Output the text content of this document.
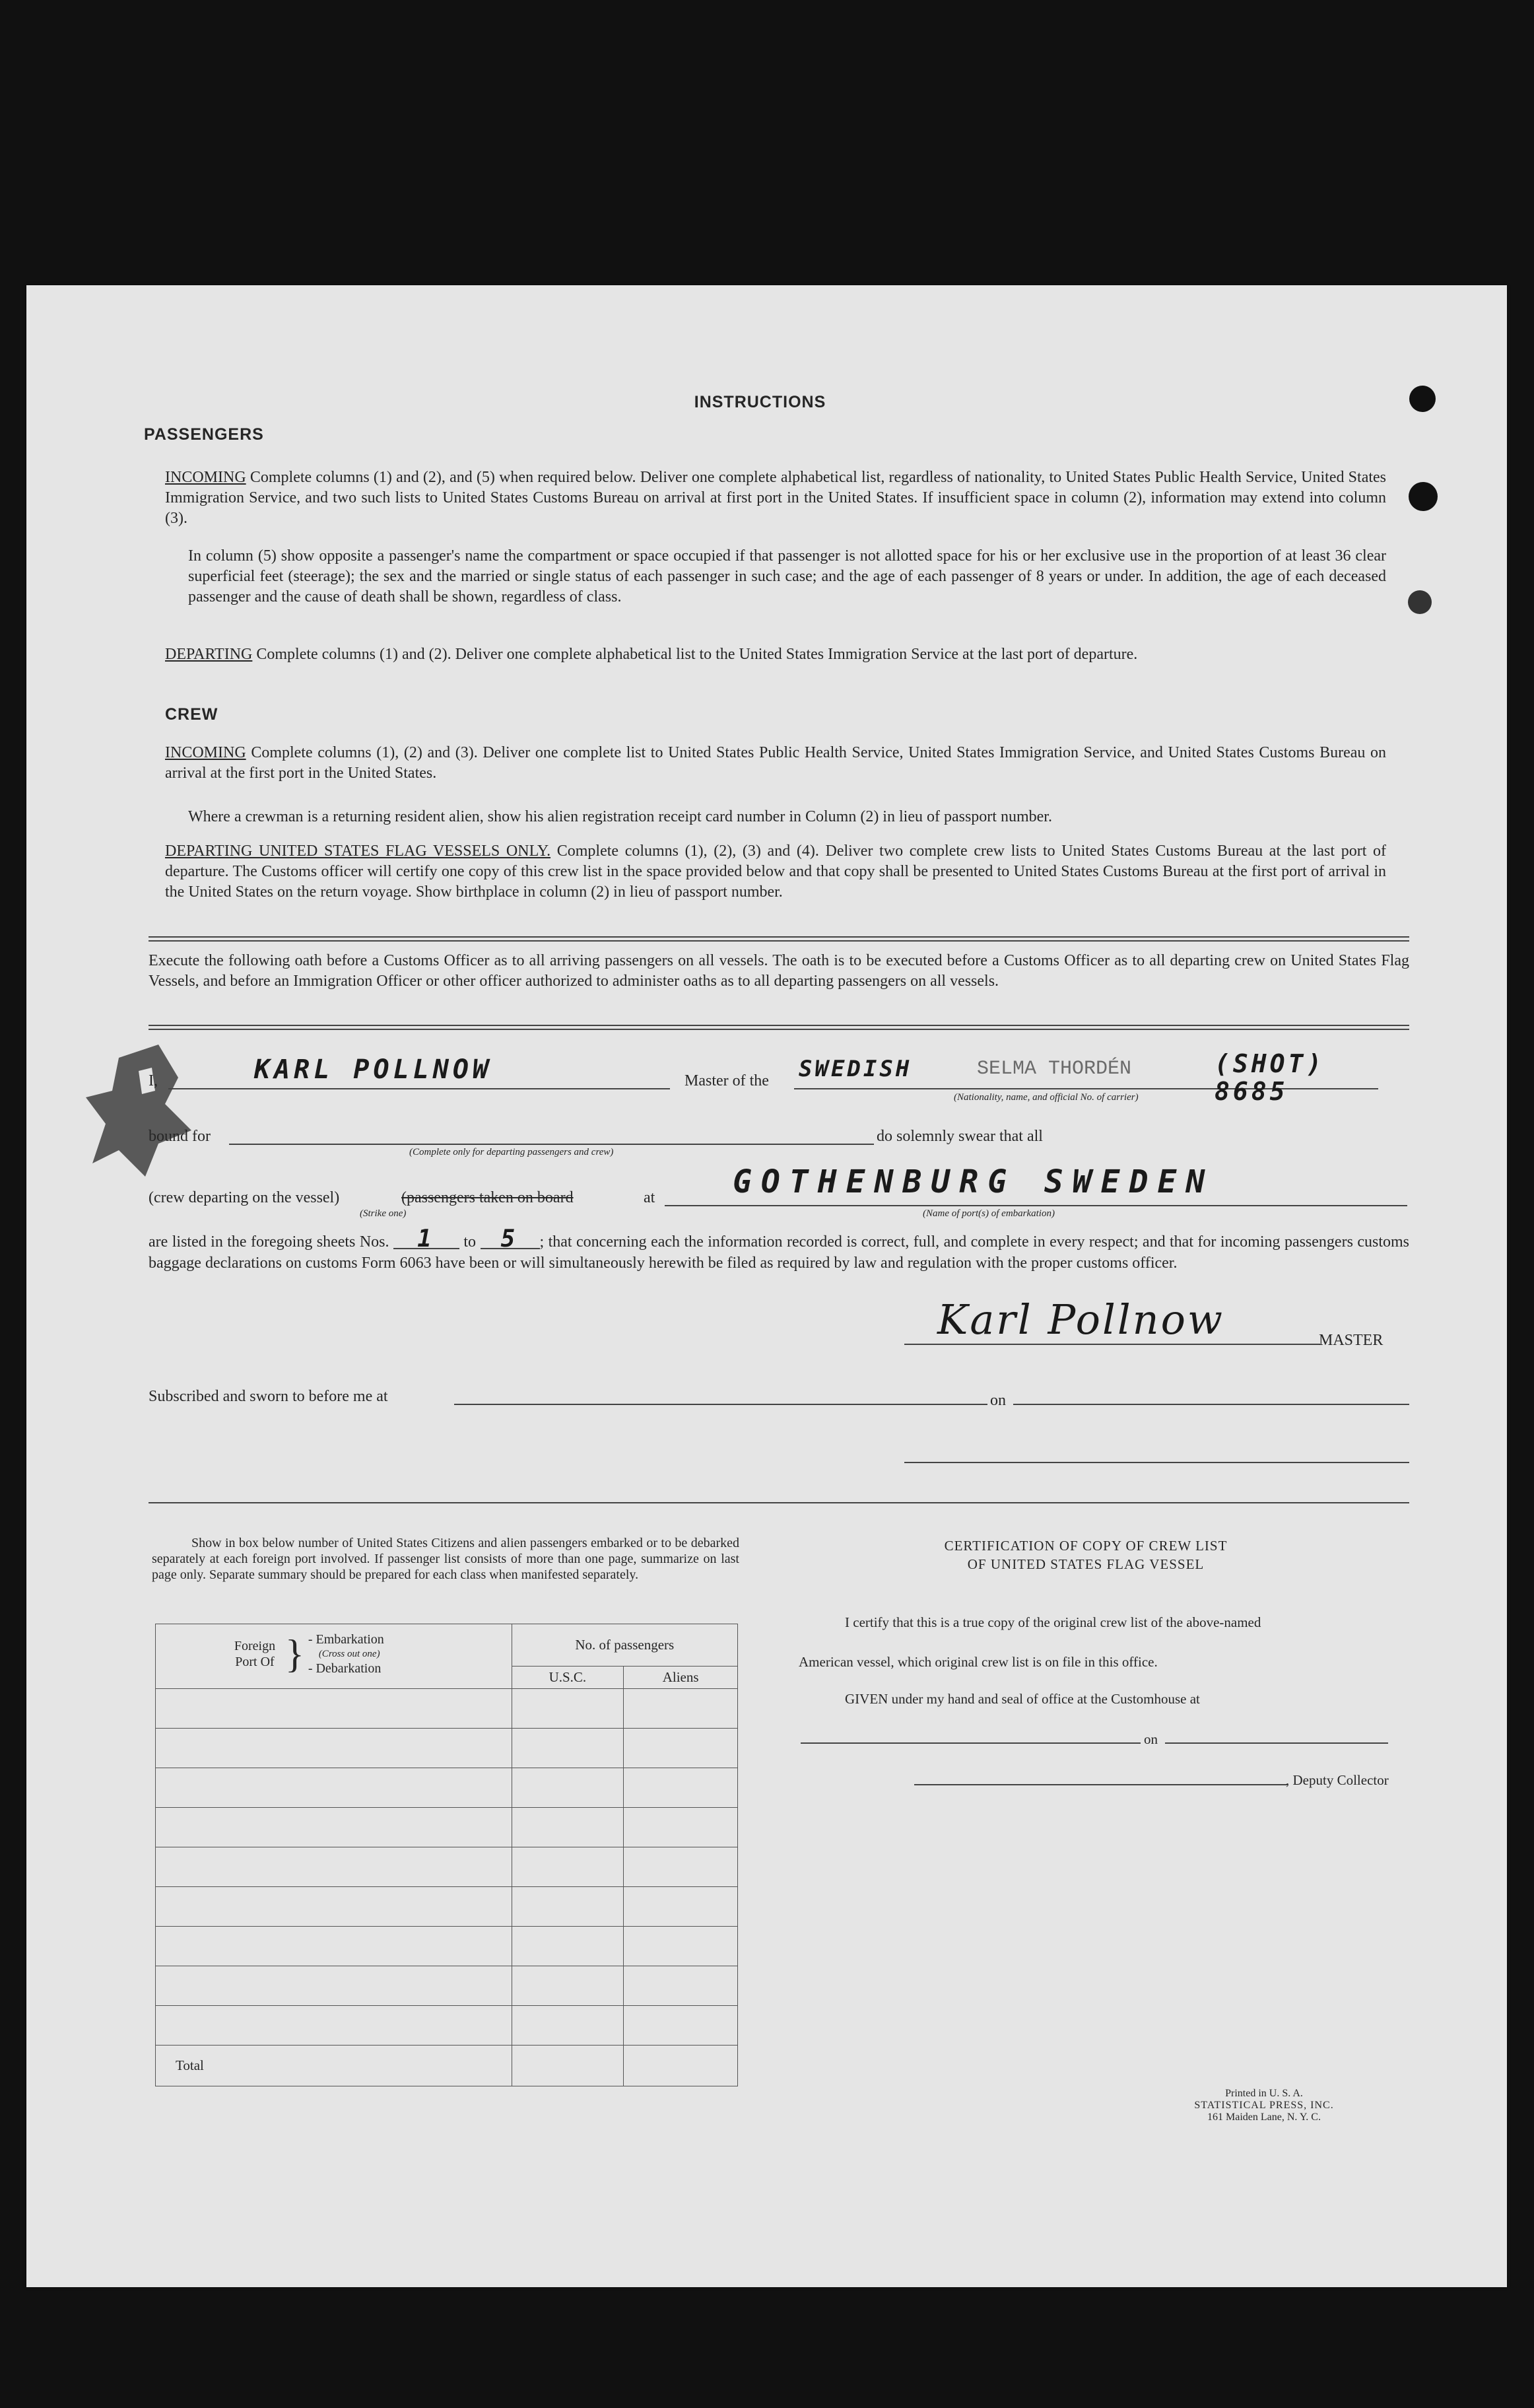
INSTRUCTIONS
PASSENGERS
INCOMING Complete columns (1) and (2), and (5) when required below. Deliver one complete alphabetical list, regardless of nationality, to United States Public Health Service, United States Immigration Service, and two such lists to United States Customs Bureau on arrival at first port in the United States. If insufficient space in column (2), information may extend into column (3).
In column (5) show opposite a passenger's name the compartment or space occupied if that passenger is not allotted space for his or her exclusive use in the proportion of at least 36 clear superficial feet (steerage); the sex and the married or single status of each passenger in such case; and the age of each passenger of 8 years or under. In addition, the age of each deceased passenger and the cause of death shall be shown, regardless of class.
DEPARTING Complete columns (1) and (2). Deliver one complete alphabetical list to the United States Immigration Service at the last port of departure.
CREW
INCOMING Complete columns (1), (2) and (3). Deliver one complete list to United States Public Health Service, United States Immigration Service, and United States Customs Bureau on arrival at the first port in the United States.
Where a crewman is a returning resident alien, show his alien registration receipt card number in Column (2) in lieu of passport number.
DEPARTING UNITED STATES FLAG VESSELS ONLY. Complete columns (1), (2), (3) and (4). Deliver two complete crew lists to United States Customs Bureau at the last port of departure. The Customs officer will certify one copy of this crew list in the space provided below and that copy shall be presented to United States Customs Bureau at the first port of arrival in the United States on the return voyage. Show birthplace in column (2) in lieu of passport number.
Execute the following oath before a Customs Officer as to all arriving passengers on all vessels. The oath is to be executed before a Customs Officer as to all departing crew on United States Flag Vessels, and before an Immigration Officer or other officer authorized to administer oaths as to all departing passengers on all vessels.
I,	KARL POLLNOW	Master of the SWEDISH	SELMA THORDÉN	(SHOT) 8685
(Nationality, name, and official No. of carrier)
bound for
(Complete only for departing passengers and crew)
do solemnly swear that all
(crew departing on the vessel)	(passengers taken on board	at GOTHENBURG SWEDEN
(Strike one)	(Name of port(s) of embarkation)
are listed in the foregoing sheets Nos. 1 to 5 ; that concerning each the information recorded is correct, full, and complete in every respect; and that for incoming passengers customs baggage declarations on customs Form 6063 have been or will simultaneously herewith be filed as required by law and regulation with the proper customs officer.
Karl Pollnow	MASTER
Subscribed and sworn to before me at	on
Show in box below number of United States Citizens and alien passengers embarked or to be debarked separately at each foreign port involved. If passenger list consists of more than one page, summarize on last page only. Separate summary should be prepared for each class when manifested separately.
Foreign Port Of } - Embarkation
(Cross out one)
- Debarkation	No. of passengers	
	U.S.C.	Aliens

Total		
CERTIFICATION OF COPY OF CREW LIST
OF UNITED STATES FLAG VESSEL
I certify that this is a true copy of the original crew list of the above-named
American vessel, which original crew list is on file in this office.
GIVEN under my hand and seal of office at the Customhouse at
on
, Deputy Collector
Printed in U. S. A.
STATISTICAL PRESS, INC.
161 Maiden Lane, N. Y. C.
